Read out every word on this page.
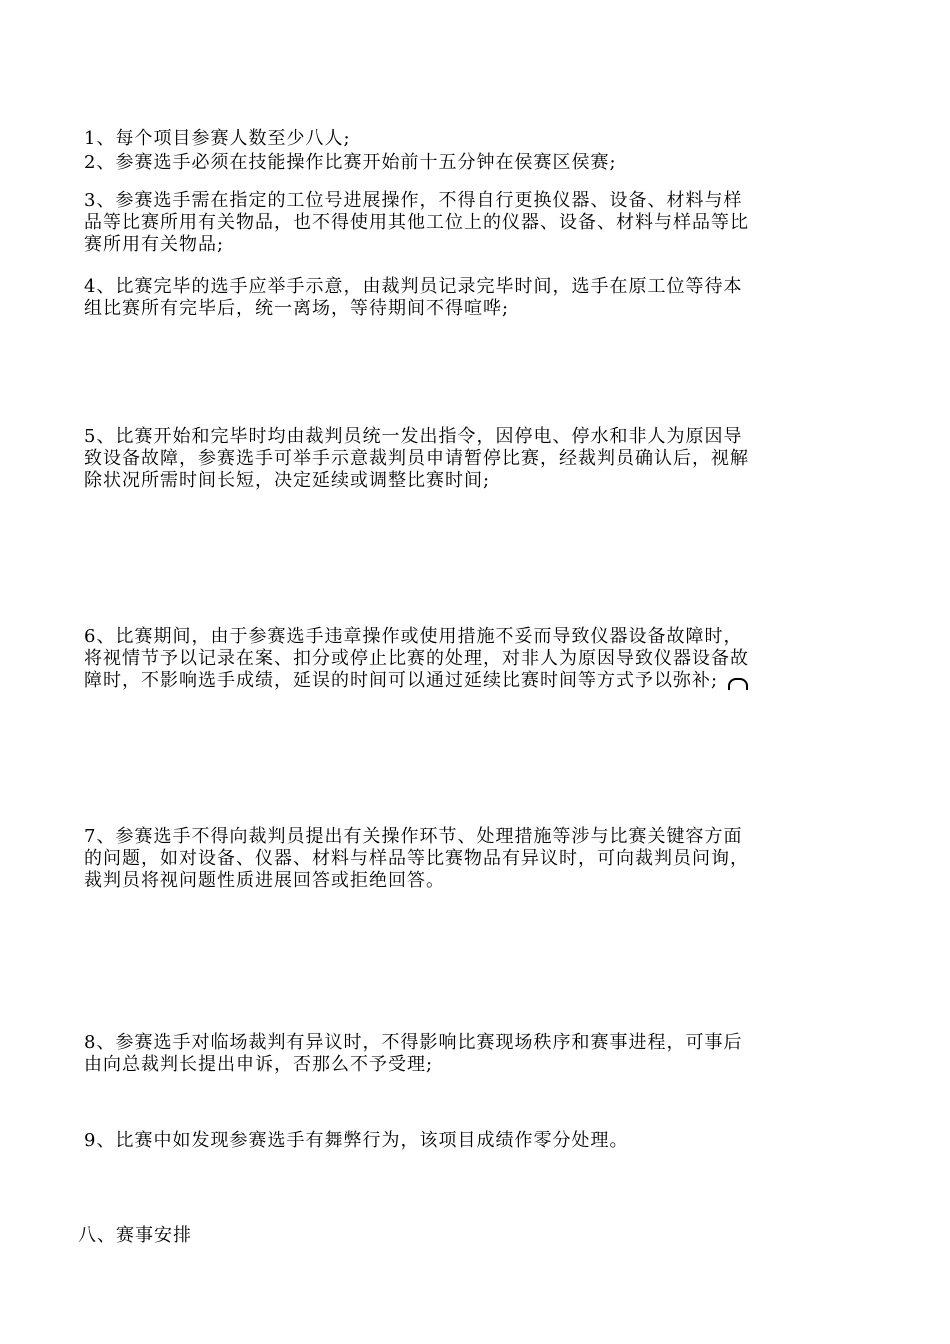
1、每个项目参赛人数至少八人;
2、参赛选手必须在技能操作比赛开始前十五分钟在侯赛区侯赛;
3、参赛选手需在指定的工位号进展操作，不得自行更换仪器、设备、材料与样
品等比赛所用有关物品，也不得使用其他工位上的仪器、设备、材料与样品等比
赛所用有关物品;
4、比赛完毕的选手应举手示意，由裁判员记录完毕时间，选手在原工位等待本
组比赛所有完毕后，统一离场，等待期间不得喧哗;
5、比赛开始和完毕时均由裁判员统一发出指令，因停电、停水和非人为原因导
致设备故障，参赛选手可举手示意裁判员申请暂停比赛，经裁判员确认后，视解
除状况所需时间长短，决定延续或调整比赛时间;
6、比赛期间，由于参赛选手违章操作或使用措施不妥而导致仪器设备故障时，
将视情节予以记录在案、扣分或停止比赛的处理，对非人为原因导致仪器设备故
障时，不影响选手成绩，延误的时间可以通过延续比赛时间等方式予以弥补;
7、参赛选手不得向裁判员提出有关操作环节、处理措施等涉与比赛关键容方面
的问题，如对设备、仪器、材料与样品等比赛物品有异议时，可向裁判员问询，
裁判员将视问题性质进展回答或拒绝回答。
8、参赛选手对临场裁判有异议时，不得影响比赛现场秩序和赛事进程，可事后
由向总裁判长提出申诉，否那么不予受理;
9、比赛中如发现参赛选手有舞弊行为，该项目成绩作零分处理。
八、赛事安排
